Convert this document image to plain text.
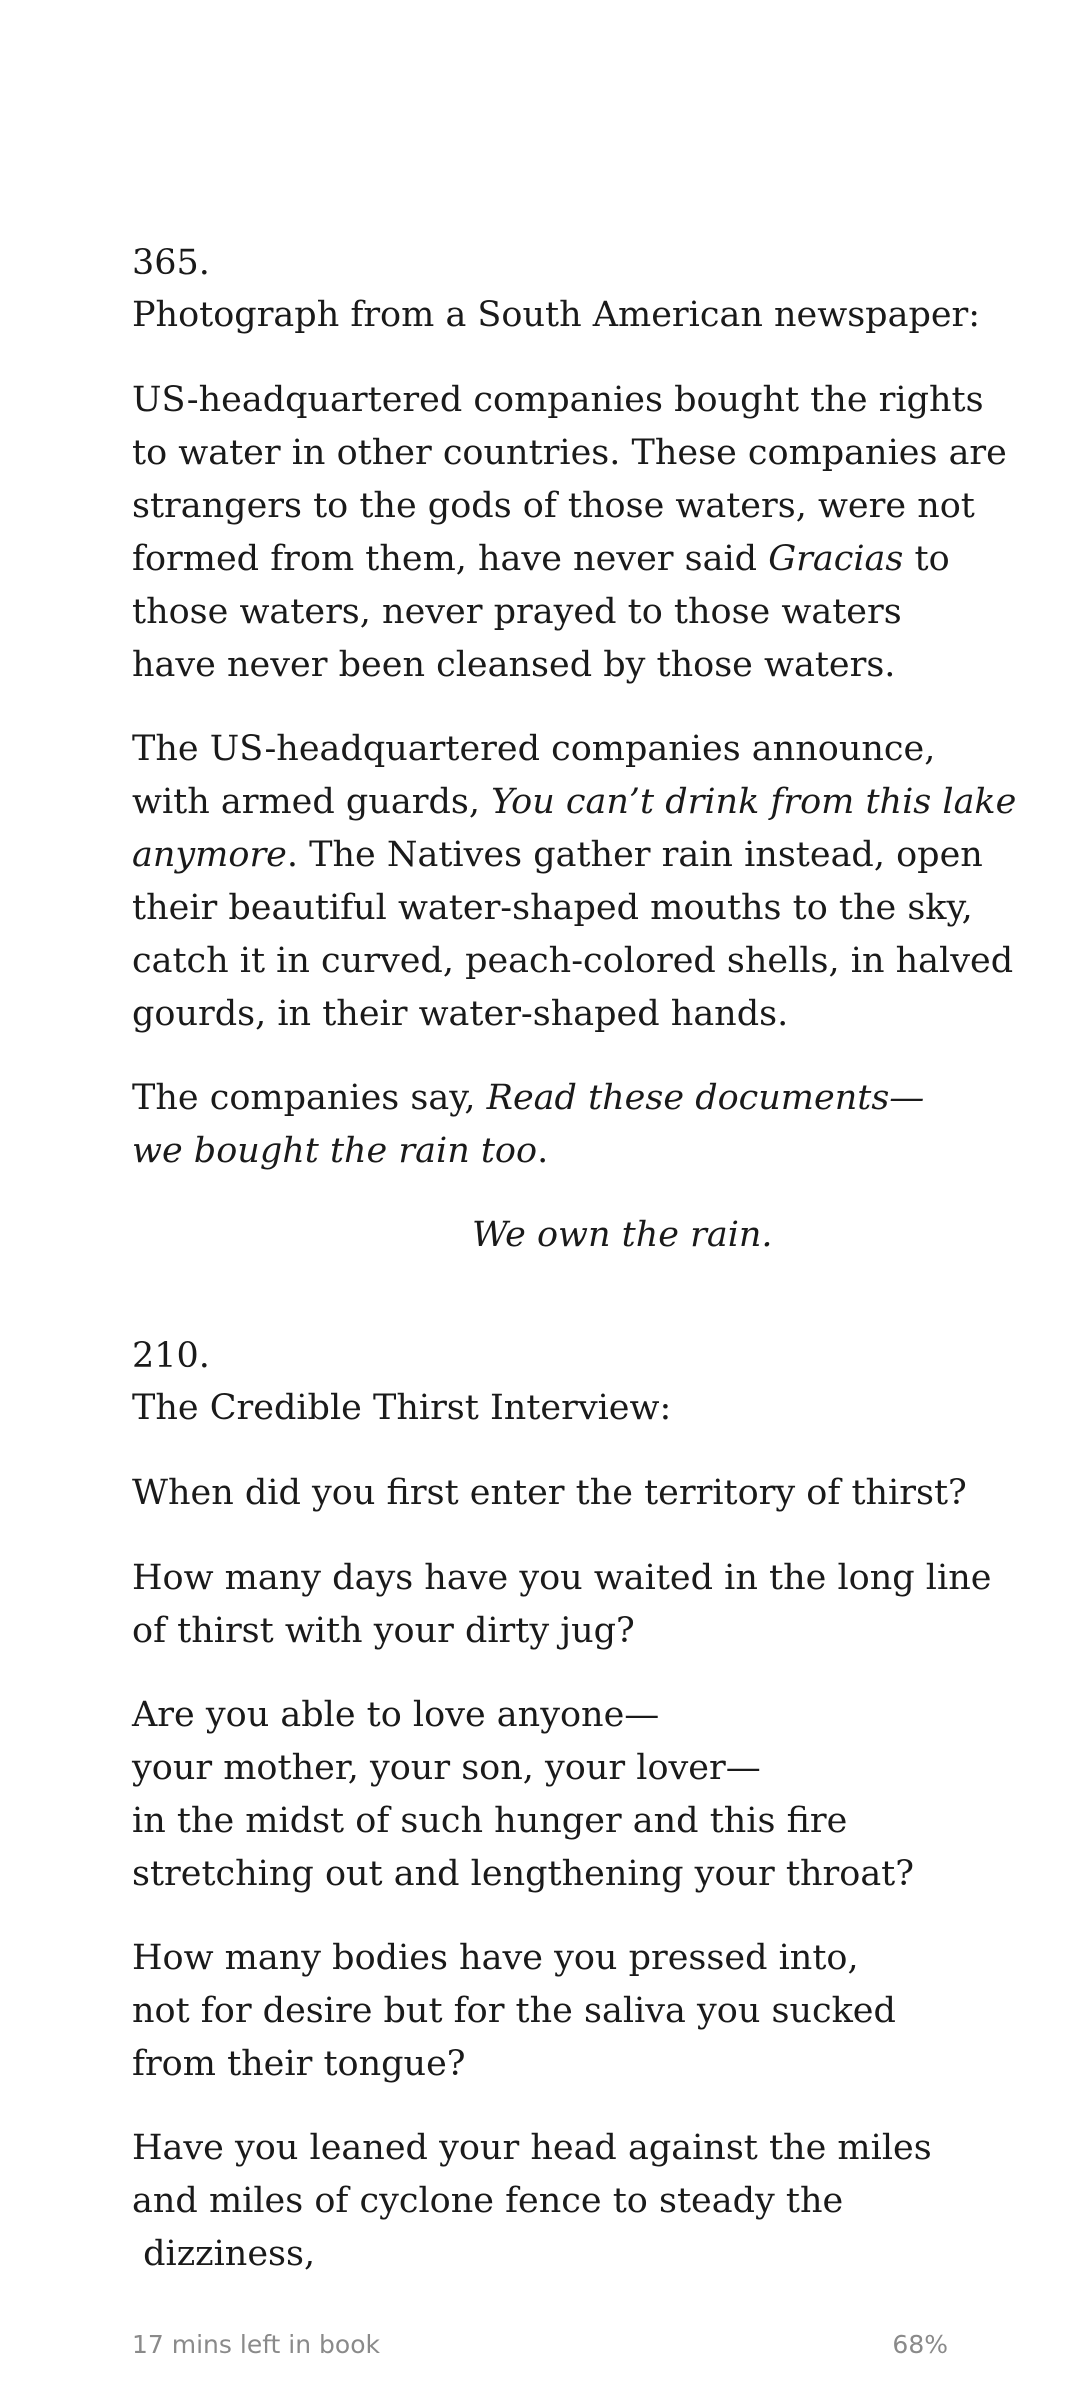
365.
Photograph from a South American newspaper:
US-headquartered companies bought the rights
to water in other countries. These companies are
strangers to the gods of those waters, were not
formed from them, have never said Gracias to
those waters, never prayed to those waters
have never been cleansed by those waters.
The US-headquartered companies announce,
with armed guards, You can’t drink from this lake
anymore. The Natives gather rain instead, open
their beautiful water-shaped mouths to the sky,
catch it in curved, peach-colored shells, in halved
gourds, in their water-shaped hands.
The companies say, Read these documents—
we bought the rain too.
We own the rain.
210.
The Credible Thirst Interview:
When did you first enter the territory of thirst?
How many days have you waited in the long line
of thirst with your dirty jug?
Are you able to love anyone—
your mother, your son, your lover—
in the midst of such hunger and this fire
stretching out and lengthening your throat?
How many bodies have you pressed into,
not for desire but for the saliva you sucked
from their tongue?
Have you leaned your head against the miles
and miles of cyclone fence to steady the
dizziness,
17 mins left in book	68%
